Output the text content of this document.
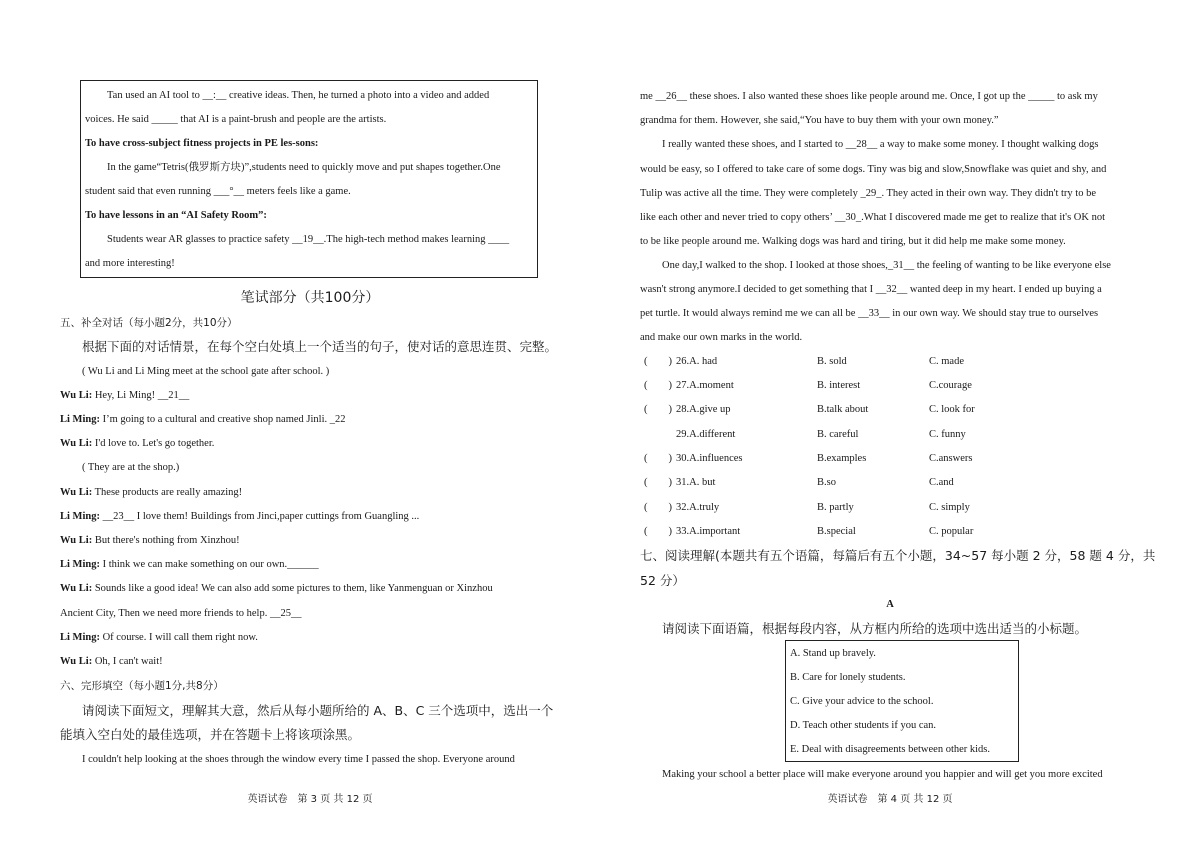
Tan used an AI tool to __:__ creative ideas. Then, he turned a photo into a video and added
voices. He said _____ that AI is a paint-brush and people are the artists.
To have cross-subject fitness projects in PE les-sons:
In the game“Tetris(俄罗斯方块)”,students need to quickly move and put shapes together.One
student said that even running ___°__ meters feels like a game.
To have lessons in an “AI Safety Room”:
Students wear AR glasses to practice safety __19__.The high-tech method makes learning ____
and more interesting!
笔试部分（共100分）
五、补全对话（每小题2分，共10分）
根据下面的对话情景，在每个空白处填上一个适当的句子，使对话的意思连贯、完整。
( Wu Li and Li Ming meet at the school gate after school. )
Wu Li: Hey, Li Ming! __21__
Li Ming: I’m going to a cultural and creative shop named Jinli. _22
Wu Li: I'd love to. Let's go together.
( They are at the shop.)
Wu Li: These products are really amazing!
Li Ming: __23__ I love them! Buildings from Jinci,paper cuttings from Guangling ...
Wu Li: But there's nothing from Xinzhou!
Li Ming: I think we can make something on our own.______
Wu Li: Sounds like a good idea! We can also add some pictures to them, like Yanmenguan or Xinzhou
Ancient City, Then we need more friends to help. __25__
Li Ming: Of course. I will call them right now.
Wu Li: Oh, I can't wait!
六、完形填空（每小题1分,共8分）
请阅读下面短文，理解其大意，然后从每小题所给的 A、B、C 三个选项中，选出一个
能填入空白处的最佳选项，并在答题卡上将该项涂黑。
I couldn't help looking at the shoes through the window every time I passed the shop. Everyone around
英语试卷　第 3 页 共 12 页
me __26__ these shoes. I also wanted these shoes like people around me. Once, I got up the _____ to ask my
grandma for them. However, she said,“You have to buy them with your own money.”
I really wanted these shoes, and I started to __28__ a way to make some money. I thought walking dogs
would be easy, so I offered to take care of some dogs. Tiny was big and slow,Snowflake was quiet and shy, and
Tulip was active all the time. They were completely _29_. They acted in their own way. They didn't try to be
like each other and never tried to copy others’ __30_.What I discovered made me get to realize that it's OK not
to be like people around me. Walking dogs was hard and tiring, but it did help me make some money.
One day,I walked to the shop. I looked at those shoes,_31__ the feeling of wanting to be like everyone else
wasn't strong anymore.I decided to get something that I __32__ wanted deep in my heart. I ended up buying a
pet turtle. It would always remind me we can all be __33__ in our own way. We should stay true to ourselves
and make our own marks in the world.
(　　) 26.A. had	B. sold	C. made
(　　) 27.A.moment	B. interest	C.courage
(　　) 28.A.give up	B.talk about	C. look for
29.A.different	B. careful	C. funny
(　　) 30.A.influences	B.examples	C.answers
(　　) 31.A. but	B.so	C.and
(　　) 32.A.truly	B. partly	C. simply
(　　) 33.A.important	B.special	C. popular
七、阅读理解(本题共有五个语篇，每篇后有五个小题，34~57 每小题 2 分，58 题 4 分，共
52 分）
A
请阅读下面语篇，根据每段内容，从方框内所给的选项中选出适当的小标题。
A. Stand up bravely.
B. Care for lonely students.
C. Give your advice to the school.
D. Teach other students if you can.
E. Deal with disagreements between other kids.
Making your school a better place will make everyone around you happier and will get you more excited
英语试卷　第 4 页 共 12 页
